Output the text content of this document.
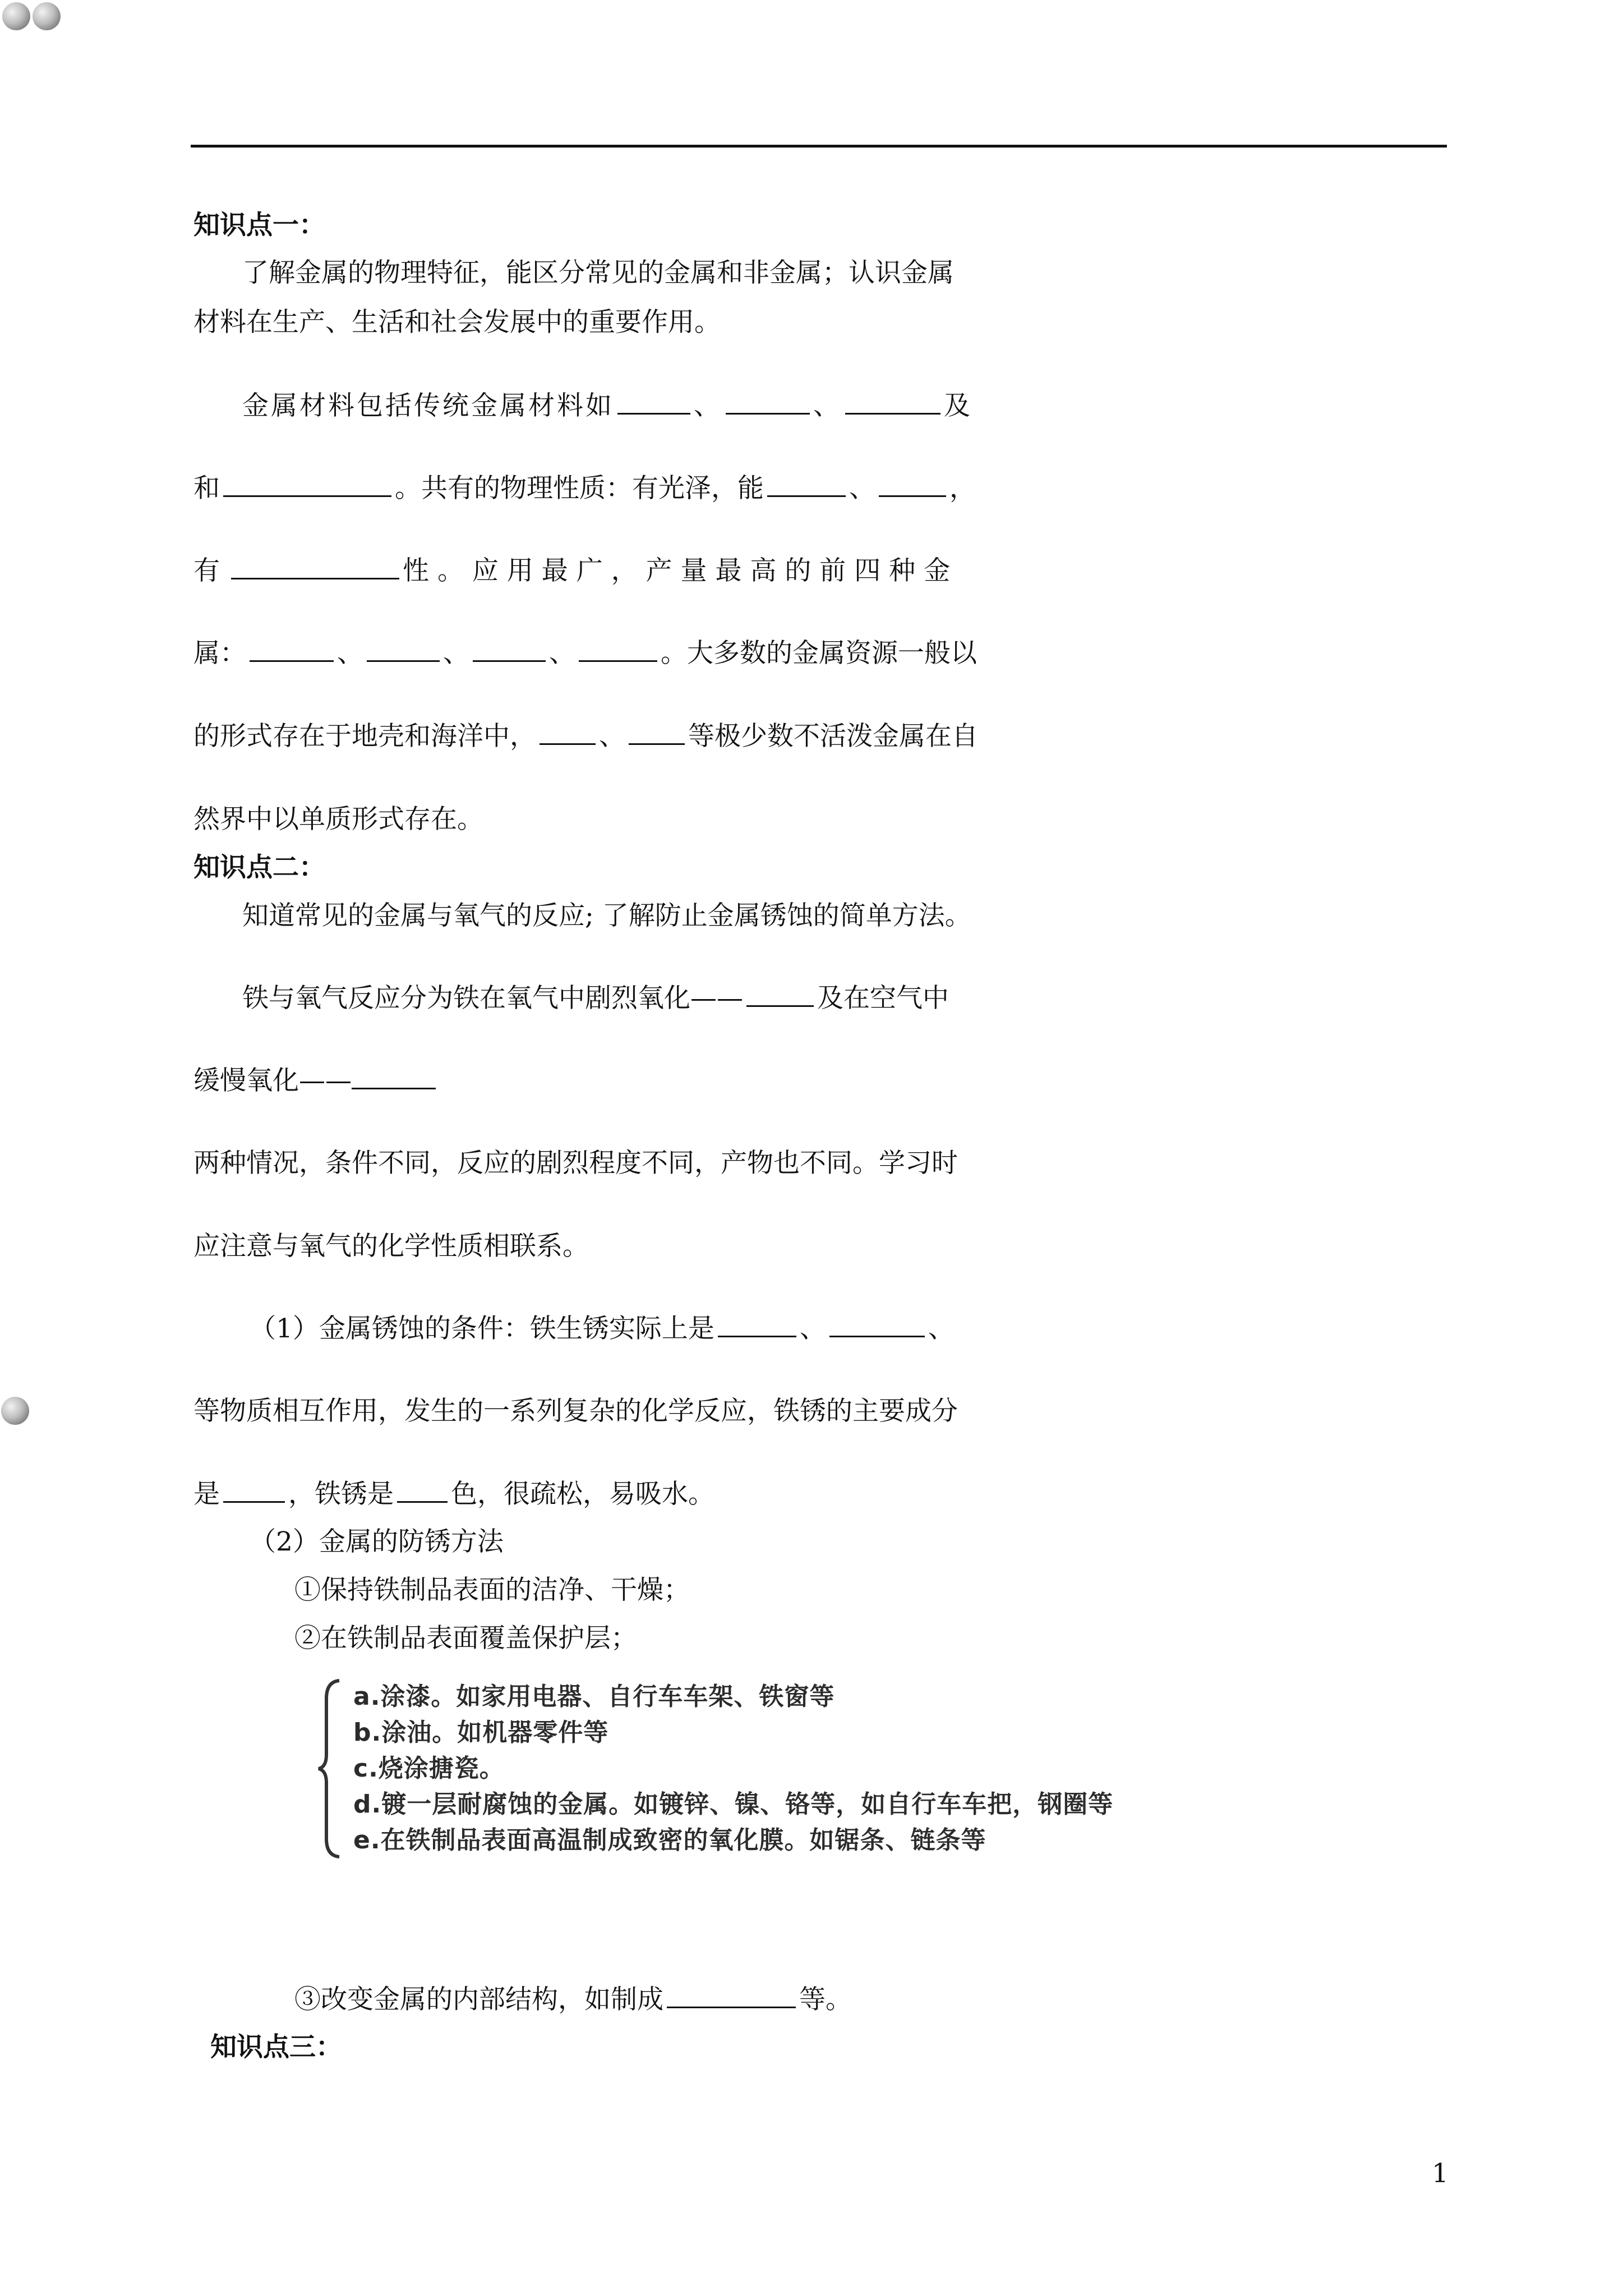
知识点一：
了解金属的物理特征，能区分常见的金属和非金属；认识金属
材料在生产、生活和社会发展中的重要作用。
金属材料包括传统金属材料如	、	、	及
和	。共有的物理性质：有光泽，能	、	，
有	性 。 应 用 最 广 ， 产 量 最 高 的 前 四 种 金
属：	、	、	、	。大多数的金属资源一般以
的形式存在于地壳和海洋中， 、 等极少数不活泼金属在自
然界中以单质形式存在。
知识点二：
知道常见的金属与氧气的反应; 了解防止金属锈蚀的简单方法。
铁与氧气反应分为铁在氧气中剧烈氧化——	及在空气中
缓慢氧化——
两种情况，条件不同，反应的剧烈程度不同，产物也不同。学习时
应注意与氧气的化学性质相联系。
（1）金属锈蚀的条件：铁生锈实际上是	、	、
等物质相互作用，发生的一系列复杂的化学反应，铁锈的主要成分
是	，铁锈是 色，很疏松，易吸水。
（2）金属的防锈方法
①保持铁制品表面的洁净、干燥；
②在铁制品表面覆盖保护层；
a.涂漆。如家用电器、自行车车架、铁窗等
b.涂油。如机器零件等
c.烧涂搪瓷。
d.镀一层耐腐蚀的金属。如镀锌、镍、铬等，如自行车车把，钢圈等
e.在铁制品表面高温制成致密的氧化膜。如锯条、链条等
③改变金属的内部结构，如制成	等。
知识点三：
1
